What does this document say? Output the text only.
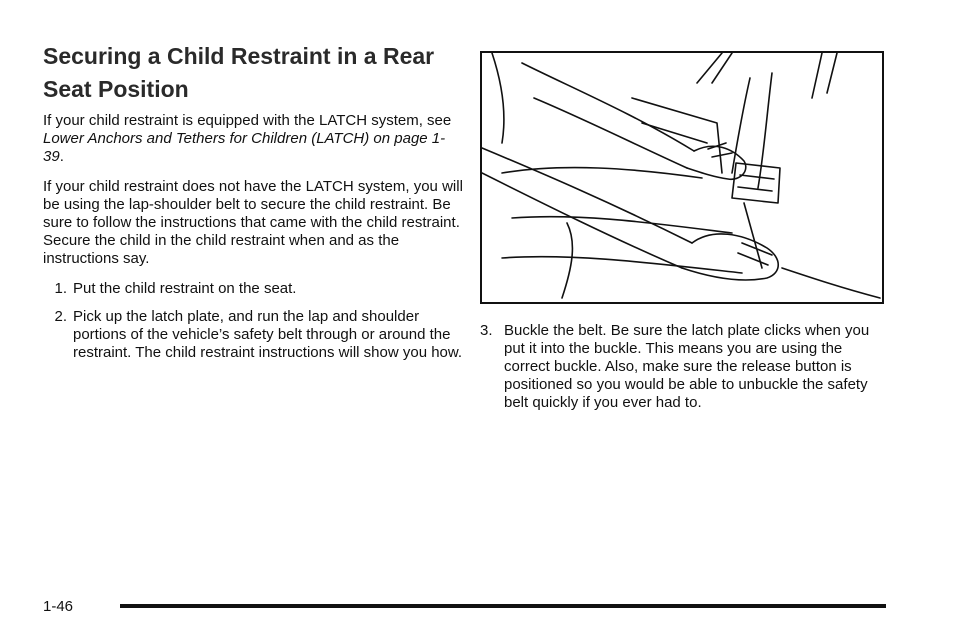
Securing a Child Restraint in a Rear Seat Position

If your child restraint is equipped with the LATCH system, see Lower Anchors and Tethers for Children (LATCH) on page 1-39.

If your child restraint does not have the LATCH system, you will be using the lap-shoulder belt to secure the child restraint. Be sure to follow the instructions that came with the child restraint. Secure the child in the child restraint when and as the instructions say.

1. Put the child restraint on the seat.
2. Pick up the latch plate, and run the lap and shoulder portions of the vehicle’s safety belt through or around the restraint. The child restraint instructions will show you how.
3. Buckle the belt. Be sure the latch plate clicks when you put it into the buckle. This means you are using the correct buckle. Also, make sure the release button is positioned so you would be able to unbuckle the safety belt quickly if you ever had to.
1-46
